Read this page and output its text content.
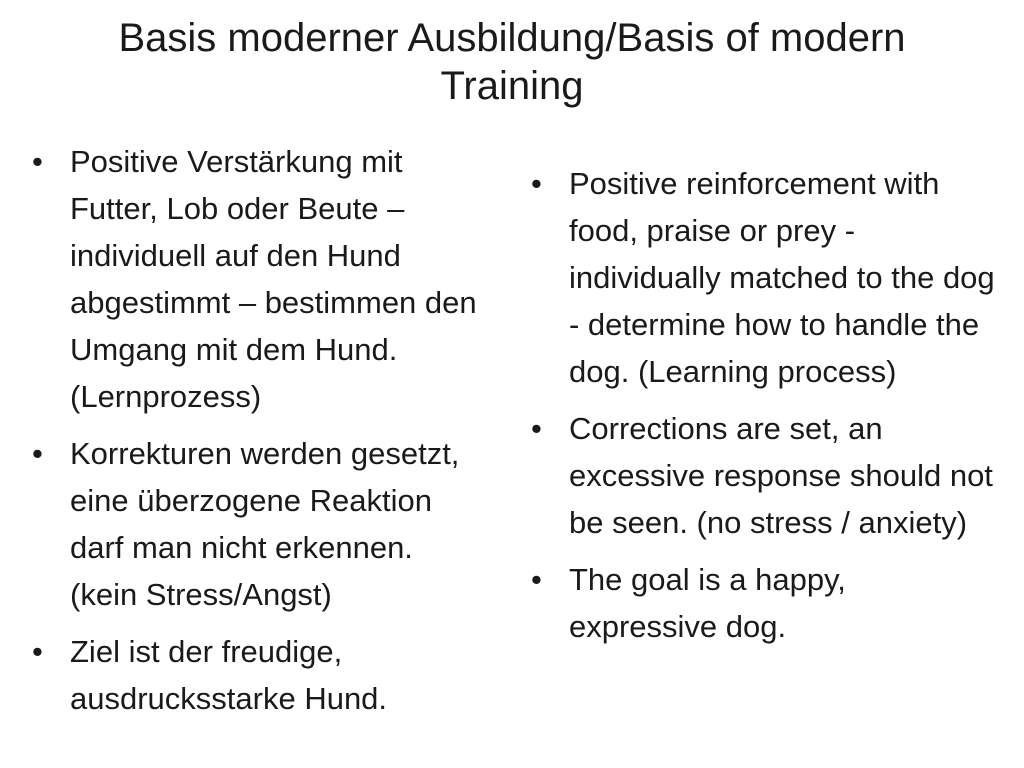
Basis moderner Ausbildung/Basis of modern Training
• Positive Verstärkung mit Futter, Lob oder Beute – individuell auf den Hund abgestimmt – bestimmen den Umgang mit dem Hund. (Lernprozess)
• Korrekturen werden gesetzt, eine überzogene Reaktion darf man nicht erkennen. (kein Stress/Angst)
• Ziel ist der freudige, ausdrucksstarke Hund.
• Positive reinforcement with food, praise or prey - individually matched to the dog - determine how to handle the dog. (Learning process)
• Corrections are set, an excessive response should not be seen. (no stress / anxiety)
• The goal is a happy, expressive dog.
